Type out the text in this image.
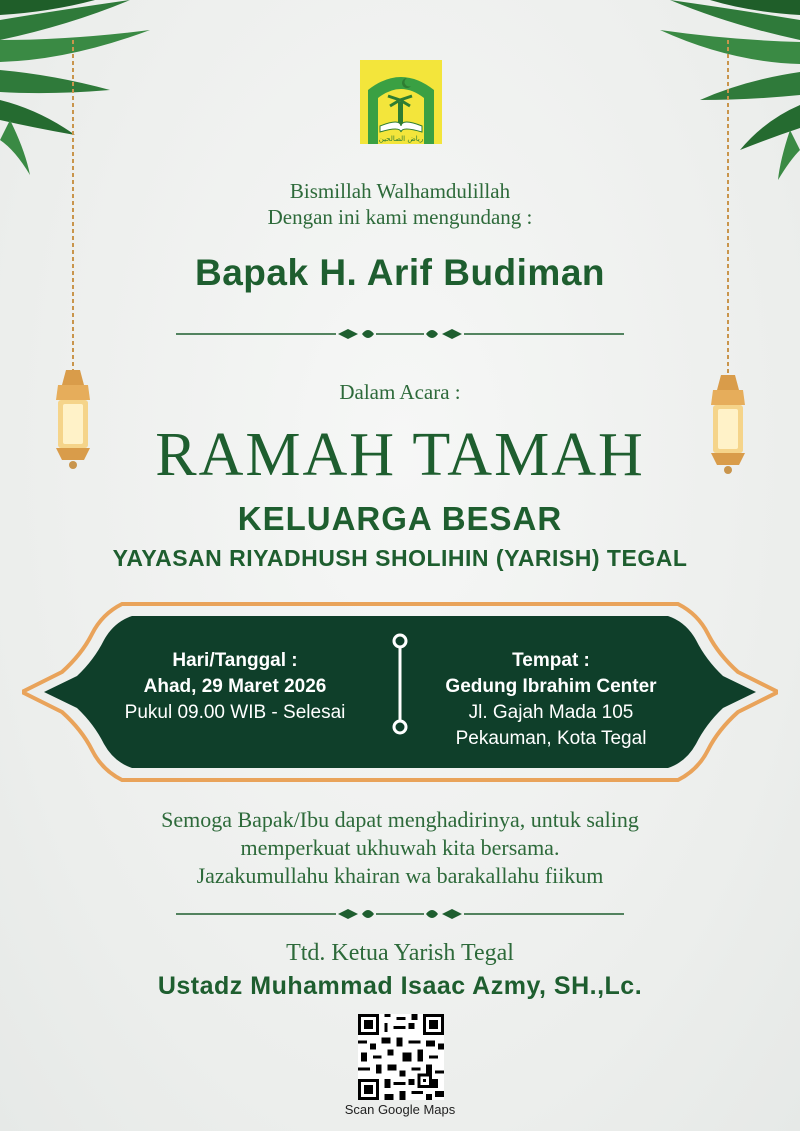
رياض الصالحين
Bismillah Walhamdulillah
Dengan ini kami mengundang :
Bapak H. Arif Budiman
Dalam Acara :
RAMAH TAMAH
KELUARGA BESAR
YAYASAN RIYADHUSH SHOLIHIN (YARISH) TEGAL
Hari/Tanggal :
Ahad, 29 Maret 2026
Pukul 09.00 WIB - Selesai
Tempat :
Gedung Ibrahim Center
Jl. Gajah Mada 105
Pekauman, Kota Tegal
Semoga Bapak/Ibu dapat menghadirinya, untuk saling
memperkuat ukhuwah kita bersama.
Jazakumullahu khairan wa barakallahu fiikum
Ttd. Ketua Yarish Tegal
Ustadz Muhammad Isaac Azmy, SH.,Lc.
Scan Google Maps
